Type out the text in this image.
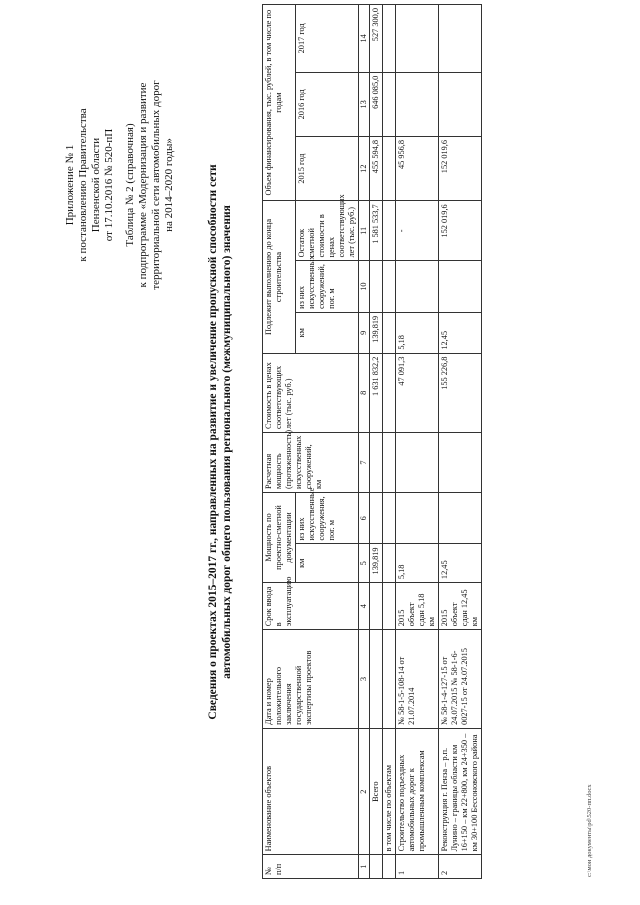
Приложение № 1 к постановлению Правительства Пензенской области от 17.10.2016 № 520-пП Таблица № 2 (справочная) к подпрограмме «Модернизация и развитие территориальной сети автомобильных дорог на 2014–2020 годы»	Сведения о проектах 2015–2017 гг., направленных на развитие и увеличение пропускной способности сети автомобильных дорог общего пользования регионального (межмуниципального) значения
№ п/п	Наименование объектов	Дата и номер положительного заключения государственной экспертизы проектов	Срок ввода в эксплуатацию	Мощность по проектно-сметной документации		Расчетная мощность (протяженность) искусственных сооружений, км	Стоимость в ценах соответствующих лет (тыс. руб.)	Подлежит выполнению до конца строительства			Объем финансирования, тыс. рублей, в том числе по годам		
				км	из них искусственные сооружения, пог. м			км	из них искусственных сооружений, пог. м	Остаток сметной стоимости в ценах соответствующих лет (тыс. руб.)	2015 год	2016 год	2017 год
1	2	3	4	5	6	7	8	9	10	11	12	13	14
	Всего			139,819			1 631 832,2	139,819		1 581 533,7	455 594,8	646 085,0	527 300,0
	в том числе по объектам												
1	Строительство подъездных автомобильных дорог к промышленным комплексам	№ 58-1-5-108-14 от 21.07.2014	2015 объект сдан 5,18 км	5,18			47 091,3	5,18		-	45 956,8		
2	Реконструкция г. Пенза – р.п. Лунино – границы области км 16+150 – км 22+800, км 24+350 – км 30+100 Бессоновского района	№ 58-1-4-127-15 от 24.07.2015 № 58-1-6-0027-15 от 24.07.2015	2015 объект сдан 12,45 км	12,45			155 226,8	12,45		152 019,6	152 019,6		
c:\мои документы\рd\520-пп.docx
